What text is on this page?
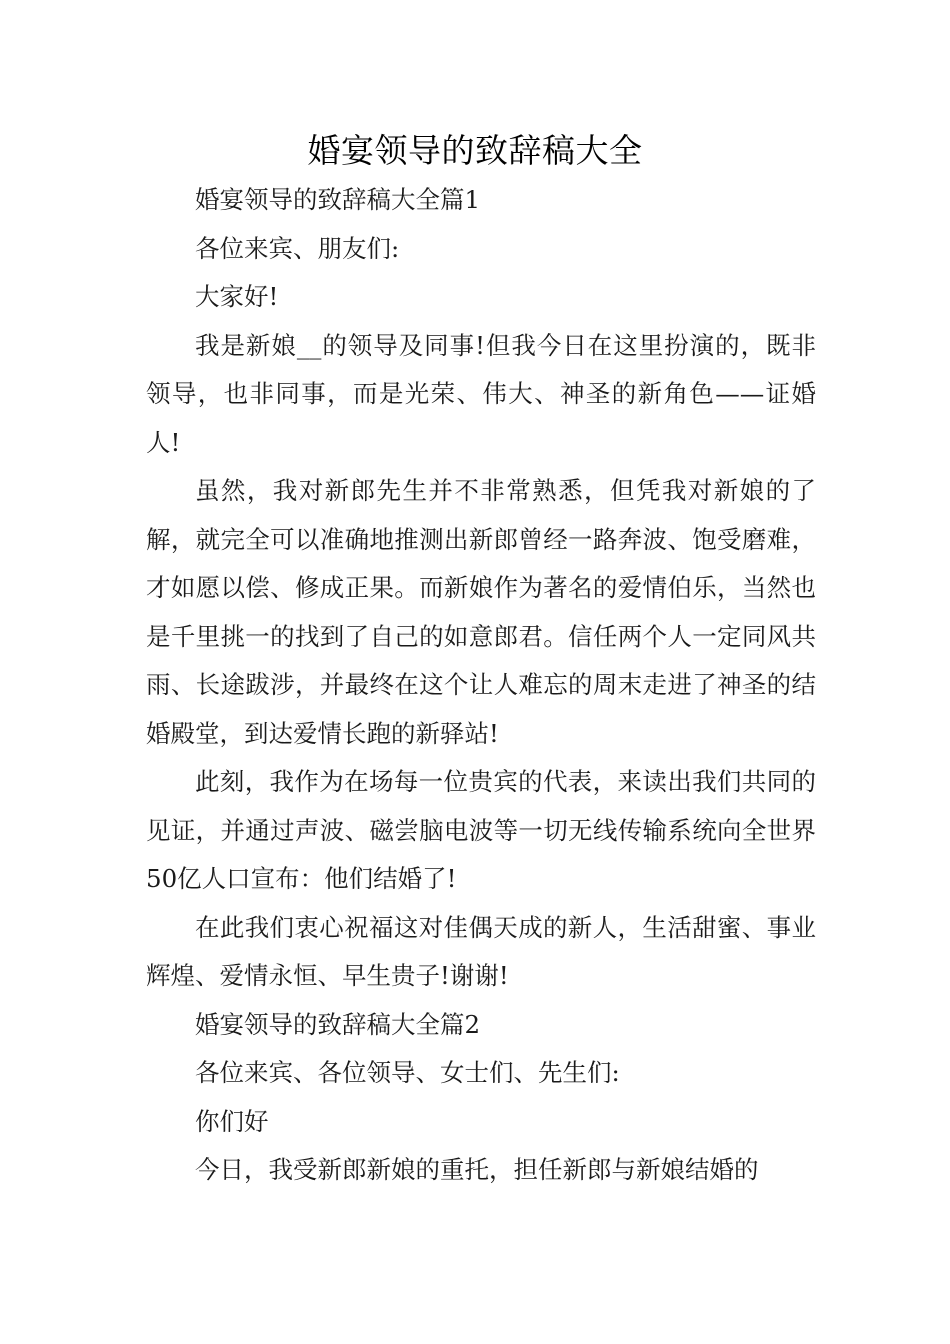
婚宴领导的致辞稿大全

婚宴领导的致辞稿大全篇1

各位来宾、朋友们:

大家好!

我是新娘__的领导及同事!但我今日在这里扮演的，既非领导，也非同事，而是光荣、伟大、神圣的新角色——证婚人!

虽然，我对新郎先生并不非常熟悉，但凭我对新娘的了解，就完全可以准确地推测出新郎曾经一路奔波、饱受磨难，才如愿以偿、修成正果。而新娘作为著名的爱情伯乐，当然也是千里挑一的找到了自己的如意郎君。信任两个人一定同风共雨、长途跋涉，并最终在这个让人难忘的周末走进了神圣的结婚殿堂，到达爱情长跑的新驿站!

此刻，我作为在场每一位贵宾的代表，来读出我们共同的见证，并通过声波、磁尝脑电波等一切无线传输系统向全世界50亿人口宣布：他们结婚了!

在此我们衷心祝福这对佳偶天成的新人，生活甜蜜、事业辉煌、爱情永恒、早生贵子!谢谢!

婚宴领导的致辞稿大全篇2

各位来宾、各位领导、女士们、先生们:

你们好

今日，我受新郎新娘的重托，担任新郎与新娘结婚的
